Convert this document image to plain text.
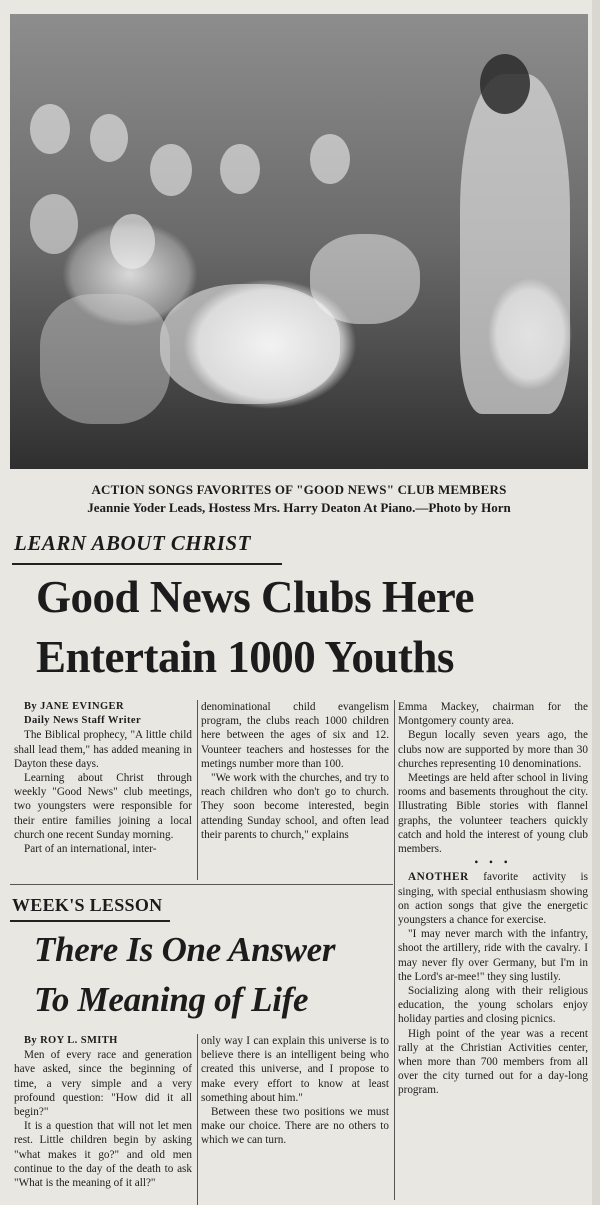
ACTION SONGS FAVORITES OF "GOOD NEWS" CLUB MEMBERS
Jeannie Yoder Leads, Hostess Mrs. Harry Deaton At Piano.—Photo by Horn
LEARN ABOUT CHRIST
Good News Clubs Here
Entertain 1000 Youths

By JANE EVINGER

Daily News Staff Writer

The Biblical prophecy, "A little child shall lead them," has added meaning in Dayton these days.

Learning about Christ through weekly "Good News" club meetings, two youngsters were responsible for their entire families joining a local church one recent Sunday morning.

Part of an international, inter-

denominational child evangelism program, the clubs reach 1000 children here between the ages of six and 12. Vounteer teachers and hostesses for the metings number more than 100.

"We work with the churches, and try to reach children who don't go to church. They soon become interested, begin attending Sunday school, and often lead their parents to church," explains

Emma Mackey, chairman for the Montgomery county area.

Begun locally seven years ago, the clubs now are supported by more than 30 churches representing 10 denominations.

Meetings are held after school in living rooms and basements throughout the city. Illustrating Bible stories with flannel graphs, the volunteer teachers quickly catch and hold the interest of young club members.

• • •

ANOTHER favorite activity is singing, with special enthusiasm showing on action songs that give the energetic youngsters a chance for exercise.

"I may never march with the infantry, shoot the artillery, ride with the cavalry. I may never fly over Germany, but I'm in the Lord's ar-mee!" they sing lustily.

Socializing along with their religious education, the young scholars enjoy holiday parties and closing picnics.

High point of the year was a recent rally at the Christian Activities center, when more than 700 members from all over the city turned out for a day-long program.

WEEK'S LESSON
There Is One Answer
To Meaning of Life

By ROY L. SMITH

Men of every race and generation have asked, since the beginning of time, a very simple and a very profound question: "How did it all begin?"

It is a question that will not let men rest. Little children begin by asking "what makes it go?" and old men continue to the day of the death to ask "What is the meaning of it all?"

only way I can explain this universe is to believe there is an intelligent being who created this universe, and I propose to make every effort to know at least something about him."

Between these two positions we must make our choice. There are no others to which we can turn.
